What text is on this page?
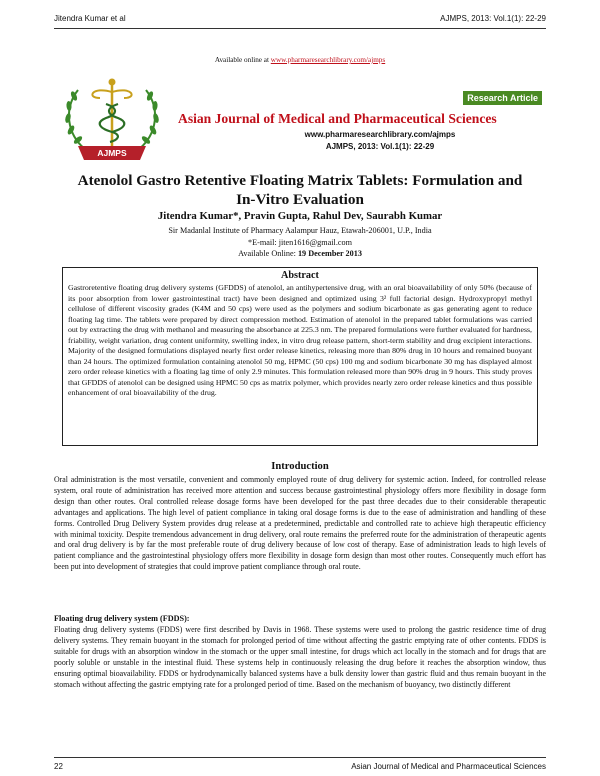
Jitendra Kumar et al	AJMPS, 2013: Vol.1(1): 22-29
Available online at www.pharmaresearchlibrary.com/ajmps
AJMPS
Research Article
Asian Journal of Medical and Pharmaceutical Sciences
www.pharmaresearchlibrary.com/ajmps
AJMPS, 2013: Vol.1(1): 22-29
Atenolol Gastro Retentive Floating Matrix Tablets: Formulation and In-Vitro Evaluation
Jitendra Kumar*, Pravin Gupta, Rahul Dev, Saurabh Kumar
Sir Madanlal Institute of Pharmacy Aalampur Hauz, Etawah-206001, U.P., India
*E-mail: jiten1616@gmail.com
Available Online: 19 December 2013
Abstract
Gastroretentive floating drug delivery systems (GFDDS) of atenolol, an antihypertensive drug, with an oral bioavailability of only 50% (because of its poor absorption from lower gastrointestinal tract) have been designed and optimized using 3² full factorial design. Hydroxypropyl methyl cellulose of different viscosity grades (K4M and 50 cps) were used as the polymers and sodium bicarbonate as gas generating agent to reduce floating lag time. The tablets were prepared by direct compression method. Estimation of atenolol in the prepared tablet formulations was carried out by extracting the drug with methanol and measuring the absorbance at 225.3 nm. The prepared formulations were further evaluated for hardness, friability, weight variation, drug content uniformity, swelling index, in vitro drug release pattern, short-term stability and drug excipient interactions. Majority of the designed formulations displayed nearly first order release kinetics, releasing more than 80% drug in 10 hours and remained buoyant than 24 hours. The optimized formulation containing atenolol 50 mg, HPMC (50 cps) 100 mg and sodium bicarbonate 30 mg has displayed almost zero order release kinetics with a floating lag time of only 2.9 minutes. This formulation released more than 90% drug in 9 hours. This study proves that GFDDS of atenolol can be designed using HPMC 50 cps as matrix polymer, which provides nearly zero order release kinetics and thus possible enhancement of oral bioavailability of the drug.
Introduction
Oral administration is the most versatile, convenient and commonly employed route of drug delivery for systemic action. Indeed, for controlled release system, oral route of administration has received more attention and success because gastrointestinal physiology offers more flexibility in dosage form design than other routes. Oral controlled release dosage forms have been developed for the past three decades due to their considerable therapeutic advantages and applications. The high level of patient compliance in taking oral dosage forms is due to the ease of administration and handling of these forms. Controlled Drug Delivery System provides drug release at a predetermined, predictable and controlled rate to achieve high therapeutic efficiency with minimal toxicity. Despite tremendous advancement in drug delivery, oral route remains the preferred route for the administration of therapeutic agents and oral drug delivery is by far the most preferable route of drug delivery because of low cost of therapy. Ease of administration leads to high levels of patient compliance and the gastrointestinal physiology offers more flexibility in dosage form design than most other routes. Consequently much effort has been put into development of strategies that could improve patient compliance through oral route.
Floating drug delivery system (FDDS):
Floating drug delivery systems (FDDS) were first described by Davis in 1968. These systems were used to prolong the gastric residence time of drug delivery systems. They remain buoyant in the stomach for prolonged period of time without affecting the gastric emptying rate of other contents. FDDS is suitable for drugs with an absorption window in the stomach or the upper small intestine, for drugs which act locally in the stomach and for drugs that are poorly soluble or unstable in the intestinal fluid. These systems help in continuously releasing the drug before it reaches the absorption window, thus ensuring optimal bioavailability. FDDS or hydrodynamically balanced systems have a bulk density lower than gastric fluid and thus remain buoyant in the stomach without affecting the gastric emptying rate for a prolonged period of time. Based on the mechanism of buoyancy, two distinctly different
22	Asian Journal of Medical and Pharmaceutical Sciences
